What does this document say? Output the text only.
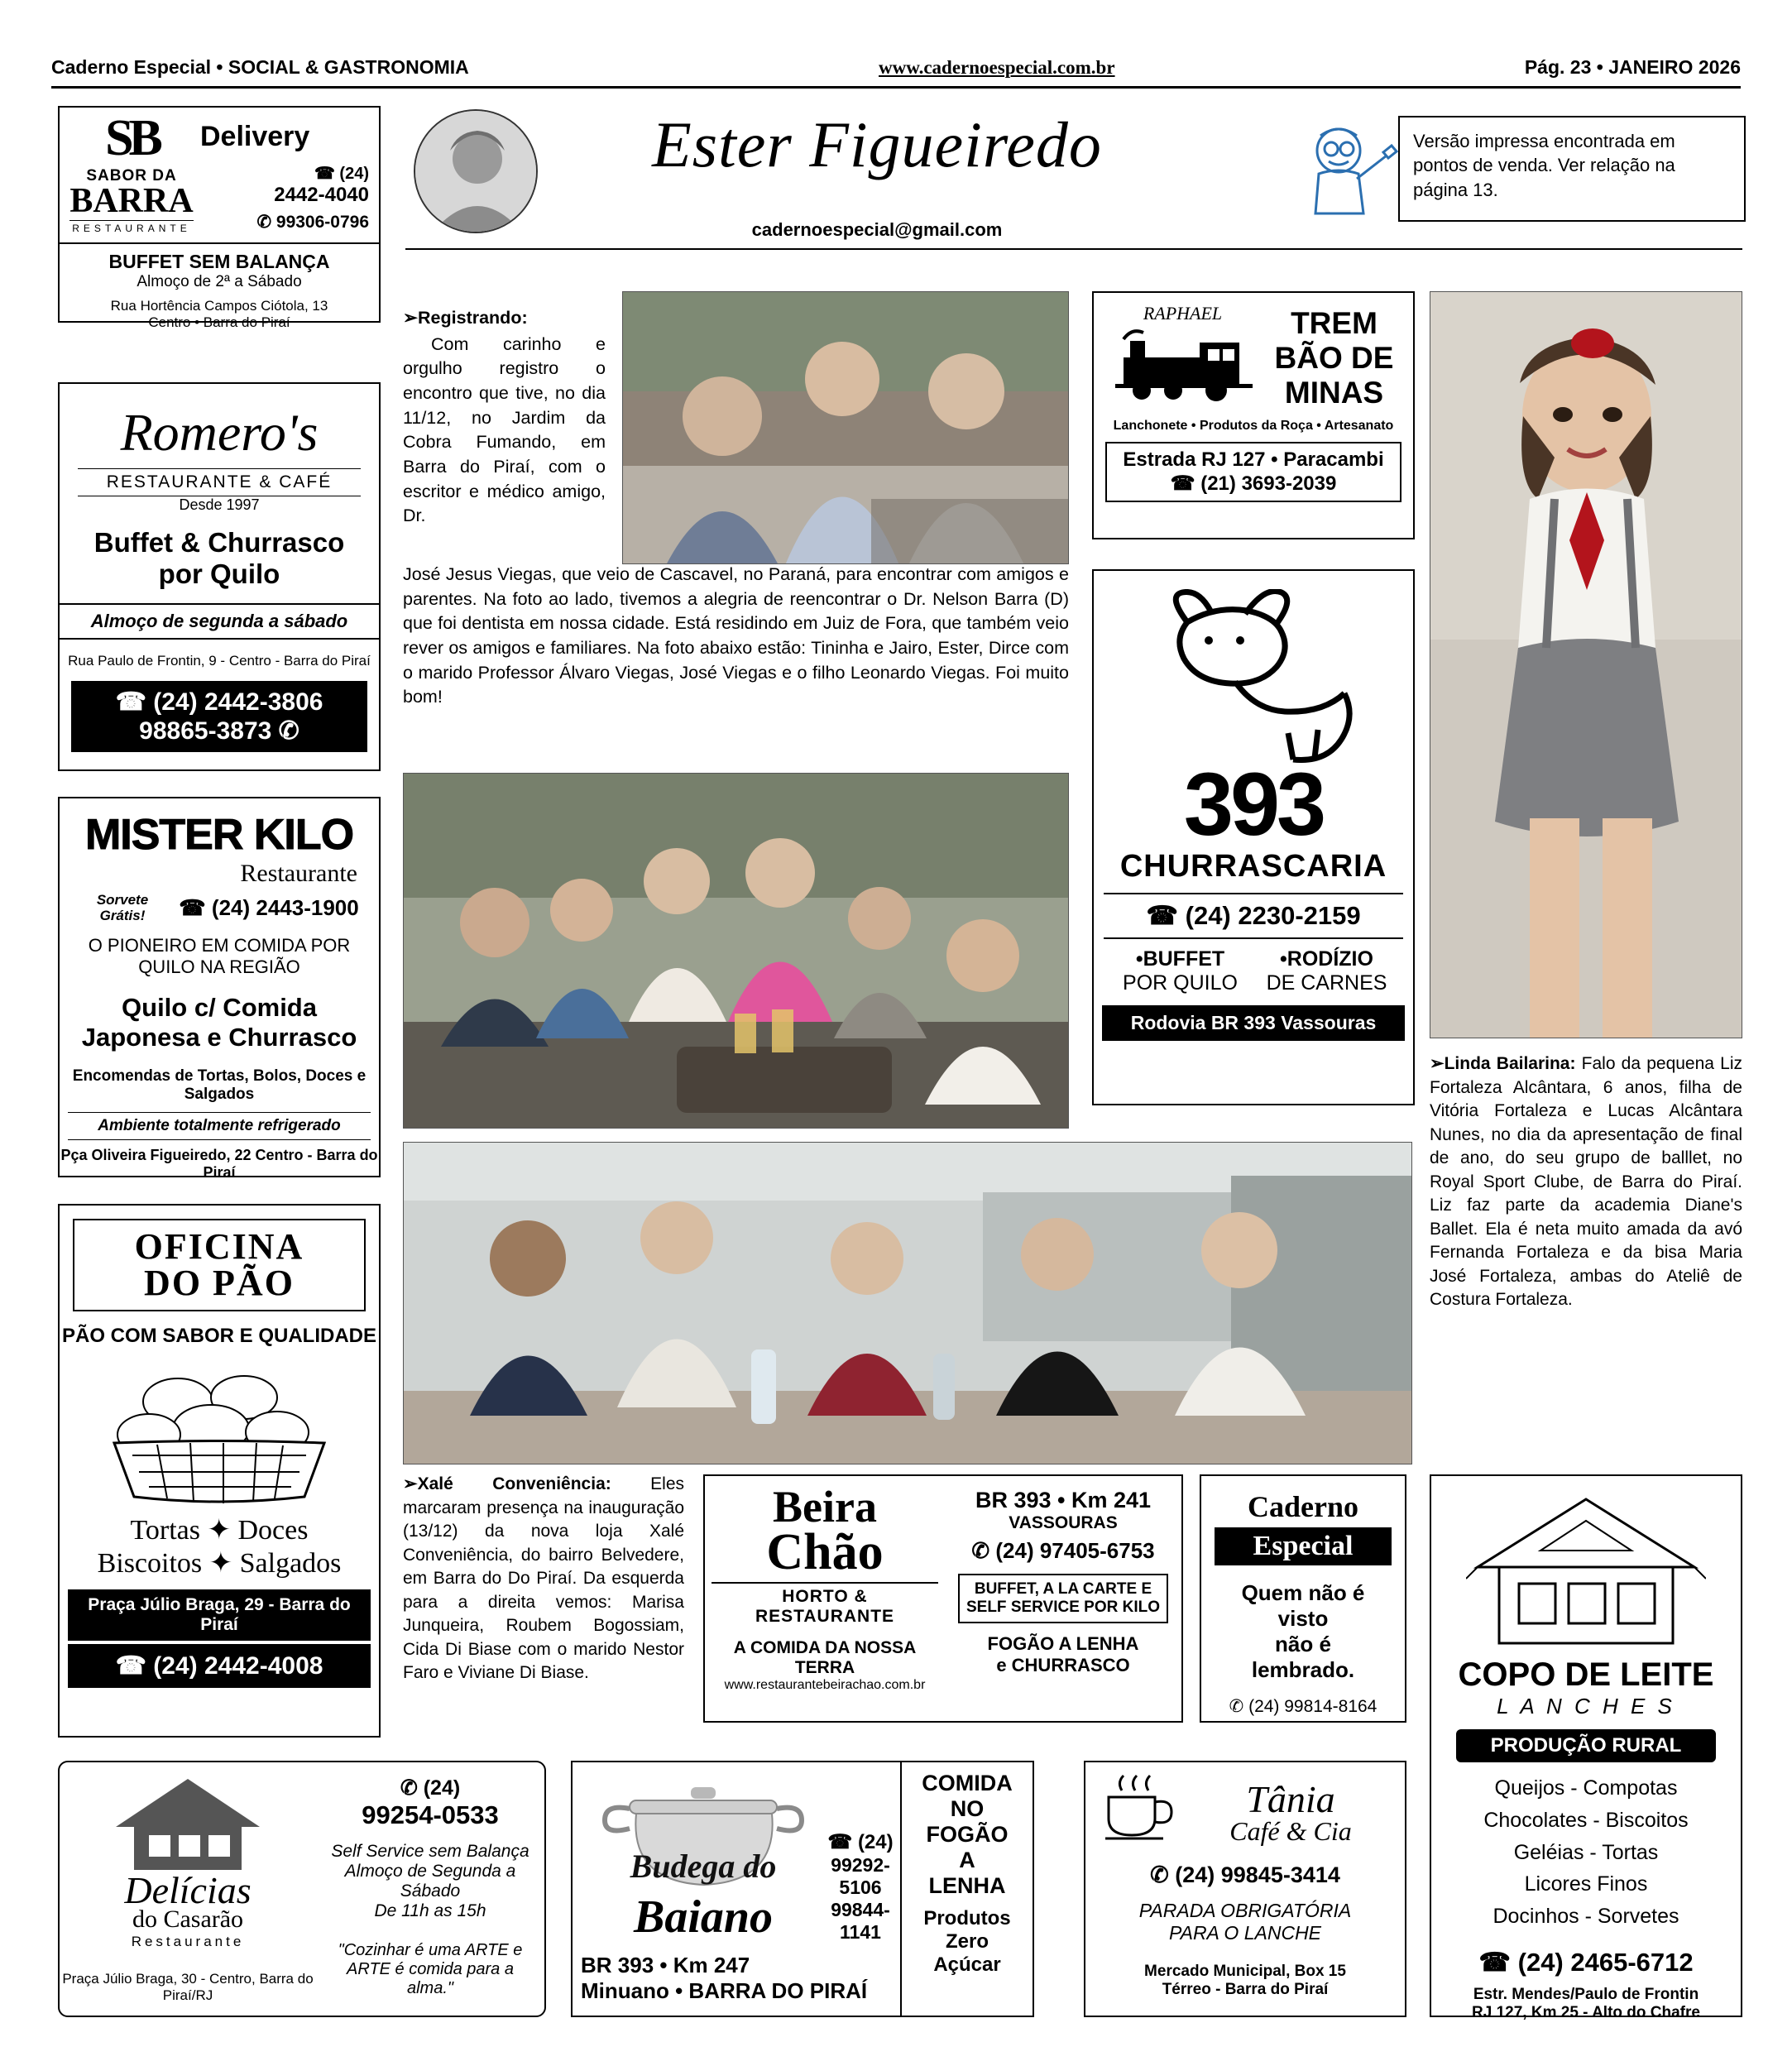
Caderno Especial • SOCIAL & GASTRONOMIA	www.cadernoespecial.com.br	Pág. 23 • JANEIRO 2026
SB
SABOR DA
BARRA
RESTAURANTE
Delivery
☎ (24)
2442-4040
✆ 99306-0796
BUFFET SEM BALANÇA
Almoço de 2ª a Sábado
Rua Hortência Campos Ciótola, 13
Centro • Barra do Piraí
Romero's
RESTAURANTE & CAFÉ
Desde 1997
Buffet & Churrasco
por Quilo
Almoço de segunda a sábado
Rua Paulo de Frontin, 9 - Centro - Barra do Piraí
☎ (24) 2442-3806
98865-3873 ✆
MISTER KILO
Restaurante
Sorvete Grátis!	☎ (24) 2443-1900
O PIONEIRO EM COMIDA POR
QUILO NA REGIÃO
Quilo c/ Comida
Japonesa e Churrasco
Encomendas de Tortas, Bolos, Doces e Salgados
Ambiente totalmente refrigerado
Pça Oliveira Figueiredo, 22 Centro - Barra do Piraí
OFICINA
DO PÃO
PÃO COM SABOR E QUALIDADE
Tortas ✦ Doces
Biscoitos ✦ Salgados
Praça Júlio Braga, 29 - Barra do Piraí
☎ (24) 2442-4008
Delícias
do Casarão
Restaurante
Praça Júlio Braga, 30 - Centro, Barra do Piraí/RJ
✆ (24)
99254-0533
Self Service sem Balança
Almoço de Segunda a Sábado
De 11h as 15h
"Cozinhar é uma ARTE e
ARTE é comida para a alma."
Ester Figueiredo
cadernoespecial@gmail.com

Versão impressa encontrada em pontos de venda. Ver relação na página 13.

➢Registrando:
Com carinho e orgulho registro o encontro que tive, no dia 11/12, no Jardim da Cobra Fumando, em Barra do Piraí, com o escritor e médico amigo, Dr.
José Jesus Viegas, que veio de Cascavel, no Paraná, para encontrar com amigos e parentes. Na foto ao lado, tivemos a alegria de reencontrar o Dr. Nelson Barra (D) que foi dentista em nossa cidade. Está residindo em Juiz de Fora, que também veio rever os amigos e familiares. Na foto abaixo estão: Tininha e Jairo, Ester, Dirce com o marido Professor Álvaro Viegas, José Viegas e o filho Leonardo Viegas. Foi muito bom!
➢Xalé Conveniência: Eles marcaram presença na inauguração (13/12) da nova loja Xalé Conveniência, do bairro Belvedere, em Barra do Do Piraí. Da esquerda para a direita vemos: Marisa Junqueira, Roubem Bogossiam, Cida Di Biase com o marido Nestor Faro e Viviane Di Biase.
➢Linda Bailarina: Falo da pequena Liz Fortaleza Alcântara, 6 anos, filha de Vitória Fortaleza e Lucas Alcântara Nunes, no dia da apresentação de final de ano, do seu grupo de balllet, no Royal Sport Clube, de Barra do Piraí. Liz faz parte da academia Diane's Ballet. Ela é neta muito amada da avó Fernanda Fortaleza e da bisa Maria José Fortaleza, ambas do Ateliê de Costura Fortaleza.
RAPHAEL	TREM
BÃO DE
MINAS
Lanchonete • Produtos da Roça • Artesanato
Estrada RJ 127 • Paracambi
☎ (21) 3693-2039
393
CHURRASCARIA
☎ (24) 2230-2159
•BUFFET
POR QUILO
•RODÍZIO
DE CARNES
Rodovia BR 393 Vassouras
Beira
Chão
HORTO & RESTAURANTE
A COMIDA DA NOSSA TERRA
www.restaurantebeirachao.com.br
BR 393 • Km 241
VASSOURAS
✆ (24) 97405-6753
BUFFET, A LA CARTE E
SELF SERVICE POR KILO
FOGÃO A LENHA
e CHURRASCO
Caderno
Especial
Quem não é
visto
não é
lembrado.
✆ (24) 99814-8164
COPO DE LEITE
L A N C H E S
PRODUÇÃO RURAL
Queijos - Compotas
Chocolates - Biscoitos
Geléias - Tortas
Licores Finos
Docinhos - Sorvetes
☎ (24) 2465-6712
Estr. Mendes/Paulo de Frontin
RJ 127, Km 25 - Alto do Chafre
Budega do
Baiano
☎ (24)
99292-5106
99844-1141
BR 393 • Km 247
Minuano • BARRA DO PIRAÍ
COMIDA
NO
FOGÃO
A
LENHA
Produtos
Zero
Açúcar
Tânia
Café & Cia
✆ (24) 99845-3414
PARADA OBRIGATÓRIA
PARA O LANCHE
Mercado Municipal, Box 15
Térreo - Barra do Piraí
